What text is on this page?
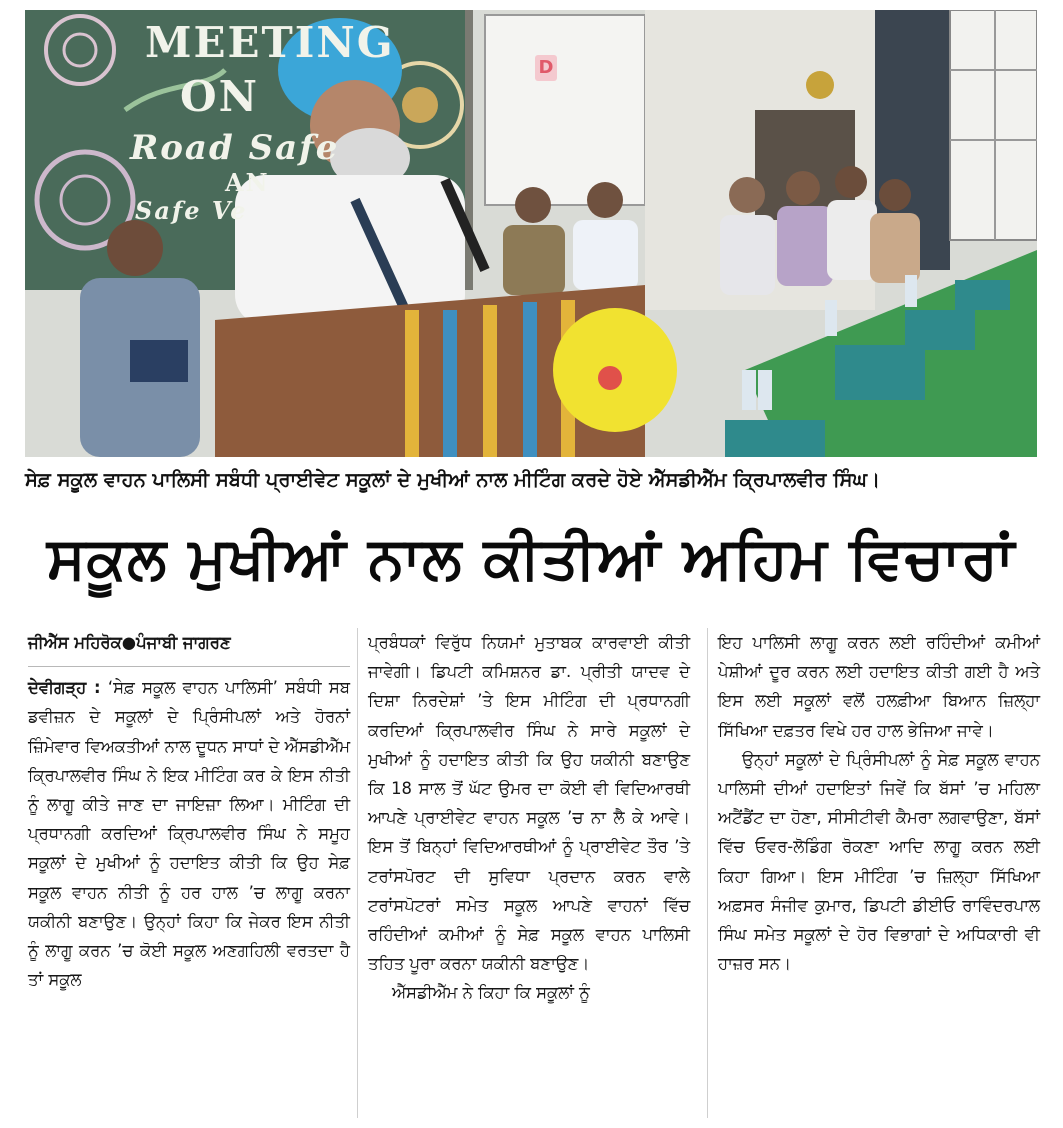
MEETING
ON
Road Safe
AN
Safe Ve
D
ਸੇਫ਼ ਸਕੂਲ ਵਾਹਨ ਪਾਲਿਸੀ ਸਬੰਧੀ ਪ੍ਰਾਈਵੇਟ ਸਕੂਲਾਂ ਦੇ ਮੁਖੀਆਂ ਨਾਲ ਮੀਟਿੰਗ ਕਰਦੇ ਹੋਏ ਐੱਸਡੀਐੱਮ ਕ੍ਰਿਪਾਲਵੀਰ ਸਿੰਘ।
ਸਕੂਲ ਮੁਖੀਆਂ ਨਾਲ ਕੀਤੀਆਂ ਅਹਿਮ ਵਿਚਾਰਾਂ
ਜੀਐੱਸ ਮਹਿਰੋਕ●ਪੰਜਾਬੀ ਜਾਗਰਣ

ਦੇਵੀਗੜ੍ਹ : ‘ਸੇਫ਼ ਸਕੂਲ ਵਾਹਨ ਪਾਲਿਸੀ’ ਸਬੰਧੀ ਸਬ ਡਵੀਜ਼ਨ ਦੇ ਸਕੂਲਾਂ ਦੇ ਪ੍ਰਿੰਸੀਪਲਾਂ ਅਤੇ ਹੋਰਨਾਂ ਜ਼ਿੰਮੇਵਾਰ ਵਿਅਕਤੀਆਂ ਨਾਲ ਦੂਧਨ ਸਾਧਾਂ ਦੇ ਐੱਸਡੀਐੱਮ ਕ੍ਰਿਪਾਲਵੀਰ ਸਿੰਘ ਨੇ ਇਕ ਮੀਟਿੰਗ ਕਰ ਕੇ ਇਸ ਨੀਤੀ ਨੂੰ ਲਾਗੂ ਕੀਤੇ ਜਾਣ ਦਾ ਜਾਇਜ਼ਾ ਲਿਆ। ਮੀਟਿੰਗ ਦੀ ਪ੍ਰਧਾਨਗੀ ਕਰਦਿਆਂ ਕ੍ਰਿਪਾਲਵੀਰ ਸਿੰਘ ਨੇ ਸਮੂਹ ਸਕੂਲਾਂ ਦੇ ਮੁਖੀਆਂ ਨੂੰ ਹਦਾਇਤ ਕੀਤੀ ਕਿ ਉਹ ਸੇਫ਼ ਸਕੂਲ ਵਾਹਨ ਨੀਤੀ ਨੂੰ ਹਰ ਹਾਲ ’ਚ ਲਾਗੂ ਕਰਨਾ ਯਕੀਨੀ ਬਣਾਉਣ। ਉਨ੍ਹਾਂ ਕਿਹਾ ਕਿ ਜੇਕਰ ਇਸ ਨੀਤੀ ਨੂੰ ਲਾਗੂ ਕਰਨ ’ਚ ਕੋਈ ਸਕੂਲ ਅਣਗਹਿਲੀ ਵਰਤਦਾ ਹੈ ਤਾਂ ਸਕੂਲ

ਪ੍ਰਬੰਧਕਾਂ ਵਿਰੁੱਧ ਨਿਯਮਾਂ ਮੁਤਾਬਕ ਕਾਰਵਾਈ ਕੀਤੀ ਜਾਵੇਗੀ। ਡਿਪਟੀ ਕਮਿਸ਼ਨਰ ਡਾ. ਪ੍ਰੀਤੀ ਯਾਦਵ ਦੇ ਦਿਸ਼ਾ ਨਿਰਦੇਸ਼ਾਂ ’ਤੇ ਇਸ ਮੀਟਿੰਗ ਦੀ ਪ੍ਰਧਾਨਗੀ ਕਰਦਿਆਂ ਕ੍ਰਿਪਾਲਵੀਰ ਸਿੰਘ ਨੇ ਸਾਰੇ ਸਕੂਲਾਂ ਦੇ ਮੁਖੀਆਂ ਨੂੰ ਹਦਾਇਤ ਕੀਤੀ ਕਿ ਉਹ ਯਕੀਨੀ ਬਣਾਉਣ ਕਿ 18 ਸਾਲ ਤੋਂ ਘੱਟ ਉਮਰ ਦਾ ਕੋਈ ਵੀ ਵਿਦਿਆਰਥੀ ਆਪਣੇ ਪ੍ਰਾਈਵੇਟ ਵਾਹਨ ਸਕੂਲ ’ਚ ਨਾ ਲੈ ਕੇ ਆਵੇ। ਇਸ ਤੋਂ ਬਿਨ੍ਹਾਂ ਵਿਦਿਆਰਥੀਆਂ ਨੂੰ ਪ੍ਰਾਈਵੇਟ ਤੌਰ ’ਤੇ ਟਰਾਂਸਪੋਰਟ ਦੀ ਸੁਵਿਧਾ ਪ੍ਰਦਾਨ ਕਰਨ ਵਾਲੇ ਟਰਾਂਸਪੋਟਰਾਂ ਸਮੇਤ ਸਕੂਲ ਆਪਣੇ ਵਾਹਨਾਂ ਵਿੱਚ ਰਹਿੰਦੀਆਂ ਕਮੀਆਂ ਨੂੰ ਸੇਫ਼ ਸਕੂਲ ਵਾਹਨ ਪਾਲਿਸੀ ਤਹਿਤ ਪੂਰਾ ਕਰਨਾ ਯਕੀਨੀ ਬਣਾਉਣ।

ਐੱਸਡੀਐੱਮ ਨੇ ਕਿਹਾ ਕਿ ਸਕੂਲਾਂ ਨੂੰ

ਇਹ ਪਾਲਿਸੀ ਲਾਗੂ ਕਰਨ ਲਈ ਰਹਿੰਦੀਆਂ ਕਮੀਆਂ ਪੇਸ਼ੀਆਂ ਦੂਰ ਕਰਨ ਲਈ ਹਦਾਇਤ ਕੀਤੀ ਗਈ ਹੈ ਅਤੇ ਇਸ ਲਈ ਸਕੂਲਾਂ ਵਲੋਂ ਹਲਫ਼ੀਆ ਬਿਆਨ ਜ਼ਿਲ੍ਹਾ ਸਿੱਖਿਆ ਦਫ਼ਤਰ ਵਿਖੇ ਹਰ ਹਾਲ ਭੇਜਿਆ ਜਾਵੇ।

ਉਨ੍ਹਾਂ ਸਕੂਲਾਂ ਦੇ ਪ੍ਰਿੰਸੀਪਲਾਂ ਨੂੰ ਸੇਫ਼ ਸਕੂਲ ਵਾਹਨ ਪਾਲਿਸੀ ਦੀਆਂ ਹਦਾਇਤਾਂ ਜਿਵੇਂ ਕਿ ਬੱਸਾਂ ’ਚ ਮਹਿਲਾ ਅਟੈਂਡੈਂਟ ਦਾ ਹੋਣਾ, ਸੀਸੀਟੀਵੀ ਕੈਮਰਾ ਲਗਵਾਉਣਾ, ਬੱਸਾਂ ਵਿੱਚ ਓਵਰ-ਲੋਡਿੰਗ ਰੋਕਣਾ ਆਦਿ ਲਾਗੂ ਕਰਨ ਲਈ ਕਿਹਾ ਗਿਆ। ਇਸ ਮੀਟਿੰਗ ’ਚ ਜ਼ਿਲ੍ਹਾ ਸਿੱਖਿਆ ਅਫ਼ਸਰ ਸੰਜੀਵ ਕੁਮਾਰ, ਡਿਪਟੀ ਡੀਈਓ ਰਾਵਿੰਦਰਪਾਲ ਸਿੰਘ ਸਮੇਤ ਸਕੂਲਾਂ ਦੇ ਹੋਰ ਵਿਭਾਗਾਂ ਦੇ ਅਧਿਕਾਰੀ ਵੀ ਹਾਜ਼ਰ ਸਨ।
